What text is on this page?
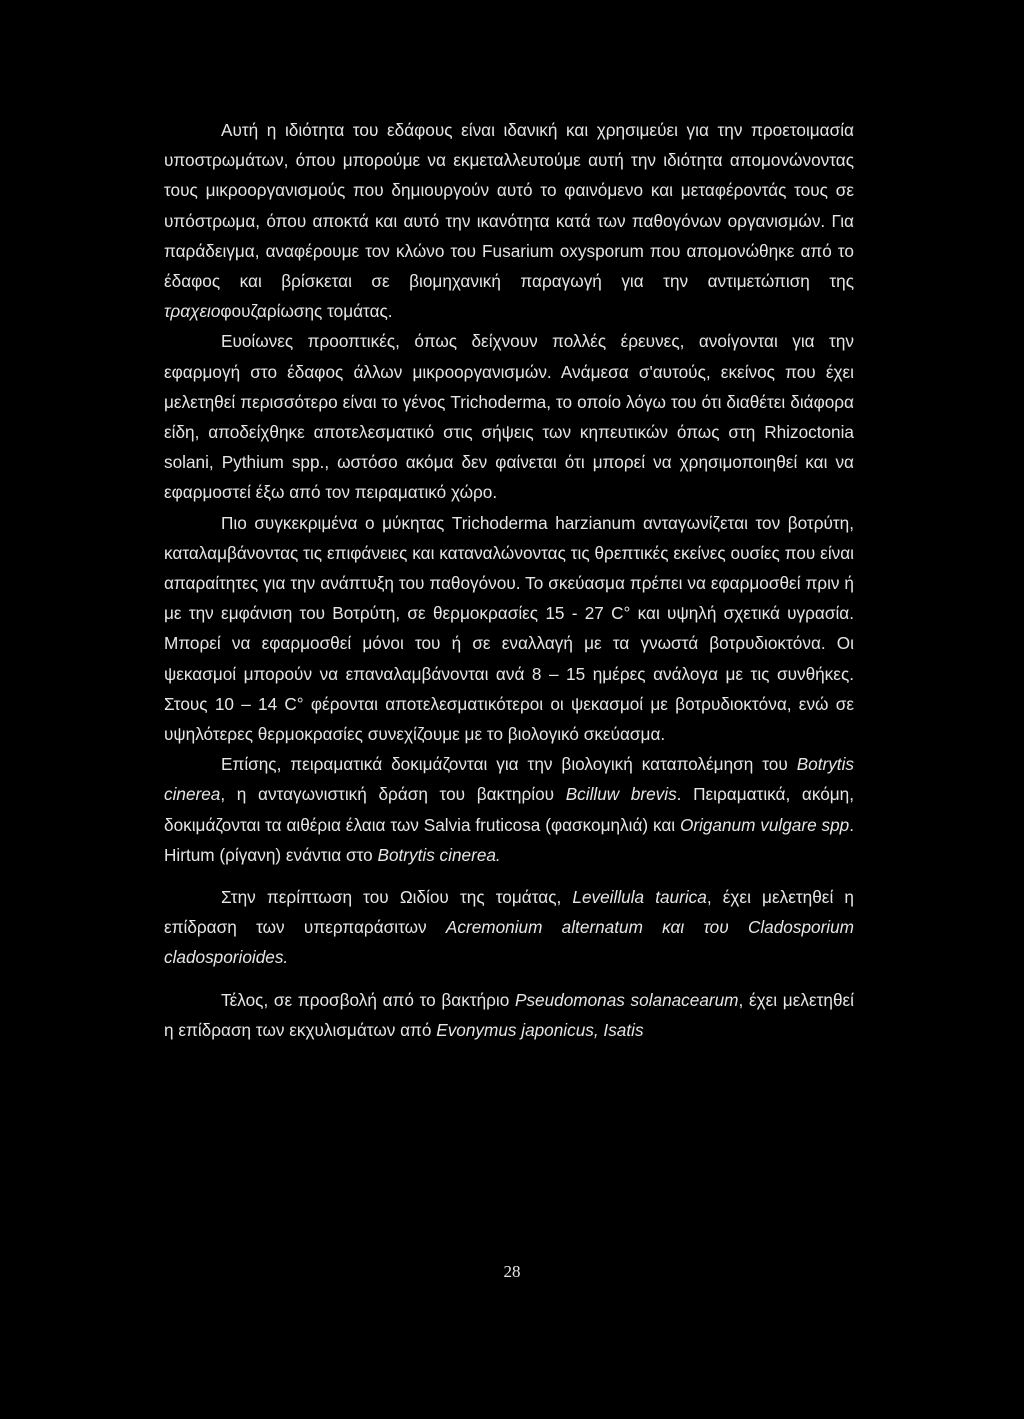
Αυτή η ιδιότητα του εδάφους είναι ιδανική και χρησιμεύει για την προετοιμασία υποστρωμάτων, όπου μπορούμε να εκμεταλλευτούμε αυτή την ιδιότητα απομονώνοντας τους μικροοργανισμούς που δημιουργούν αυτό το φαινόμενο και μεταφέροντάς τους σε υπόστρωμα, όπου αποκτά και αυτό την ικανότητα κατά των παθογόνων οργανισμών. Για παράδειγμα, αναφέρουμε τον κλώνο του Fusarium oxysporum που απομονώθηκε από το έδαφος και βρίσκεται σε βιομηχανική παραγωγή για την αντιμετώπιση της τραχειοφουζαρίωσης τομάτας.

Ευοίωνες προοπτικές, όπως δείχνουν πολλές έρευνες, ανοίγονται για την εφαρμογή στο έδαφος άλλων μικροοργανισμών. Ανάμεσα σ'αυτούς, εκείνος που έχει μελετηθεί περισσότερο είναι το γένος Trichoderma, το οποίο λόγω του ότι διαθέτει διάφορα είδη, αποδείχθηκε αποτελεσματικό στις σήψεις των κηπευτικών όπως στη Rhizoctonia solani, Pythium spp., ωστόσο ακόμα δεν φαίνεται ότι μπορεί να χρησιμοποιηθεί και να εφαρμοστεί έξω από τον πειραματικό χώρο.

Πιο συγκεκριμένα ο μύκητας Trichoderma harzianum ανταγωνίζεται τον βοτρύτη, καταλαμβάνοντας τις επιφάνειες και καταναλώνοντας τις θρεπτικές εκείνες ουσίες που είναι απαραίτητες για την ανάπτυξη του παθογόνου. Το σκεύασμα πρέπει να εφαρμοσθεί πριν ή με την εμφάνιση του Βοτρύτη, σε θερμοκρασίες 15 - 27 C° και υψηλή σχετικά υγρασία. Μπορεί να εφαρμοσθεί μόνοι του ή σε εναλλαγή με τα γνωστά βοτρυδιοκτόνα. Οι ψεκασμοί μπορούν να επαναλαμβάνονται ανά 8 – 15 ημέρες ανάλογα με τις συνθήκες. Στους 10 – 14 C° φέρονται αποτελεσματικότεροι οι ψεκασμοί με βοτρυδιοκτόνα, ενώ σε υψηλότερες θερμοκρασίες συνεχίζουμε με το βιολογικό σκεύασμα.

Επίσης, πειραματικά δοκιμάζονται για την βιολογική καταπολέμηση του Botrytis cinerea, η ανταγωνιστική δράση του βακτηρίου Bcilluw brevis. Πειραματικά, ακόμη, δοκιμάζονται τα αιθέρια έλαια των Salvia fruticosa (φασκομηλιά) και Origanum vulgare spp. Hirtum (ρίγανη) ενάντια στο Botrytis cinerea.

Στην περίπτωση του Ωιδίου της τομάτας, Leveillula taurica, έχει μελετηθεί η επίδραση των υπερπαράσιτων Acremonium alternatum και του Cladosporium cladosporioides.

Τέλος, σε προσβολή από το βακτήριο Pseudomonas solanacearum, έχει μελετηθεί η επίδραση των εκχυλισμάτων από Evonymus japonicus, Isatis

28
